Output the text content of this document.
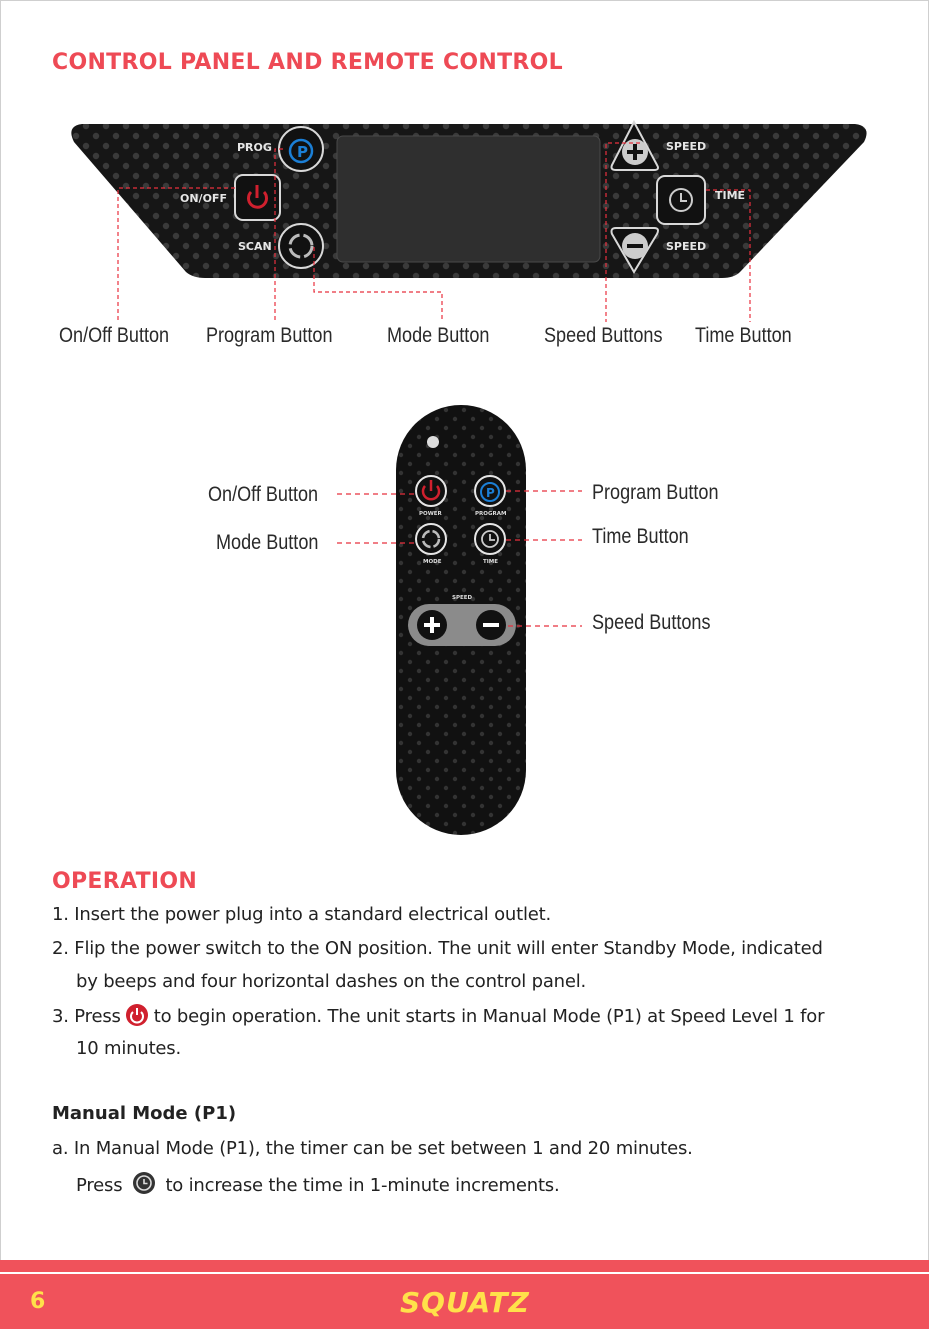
CONTROL PANEL AND REMOTE CONTROL
P
PROG
ON/OFF
SCAN
SPEED
TIME
SPEED
On/Off Button Program Button	Mode Button	Speed Buttons Time Button
P
POWER	PROGRAM
MODE	TIME
SPEED
On/Off Button
Mode Button
Program Button
Time Button
Speed Buttons
OPERATION
1. Insert the power plug into a standard electrical outlet.
2. Flip the power switch to the ON position. The unit will enter Standby Mode, indicated
by beeps and four horizontal dashes on the control panel.
3. Press to begin operation. The unit starts in Manual Mode (P1) at Speed Level 1 for
10 minutes.
Manual Mode (P1)
a. In Manual Mode (P1), the timer can be set between 1 and 20 minutes.
Press to increase the time in 1-minute increments.
6	SQUATZ
